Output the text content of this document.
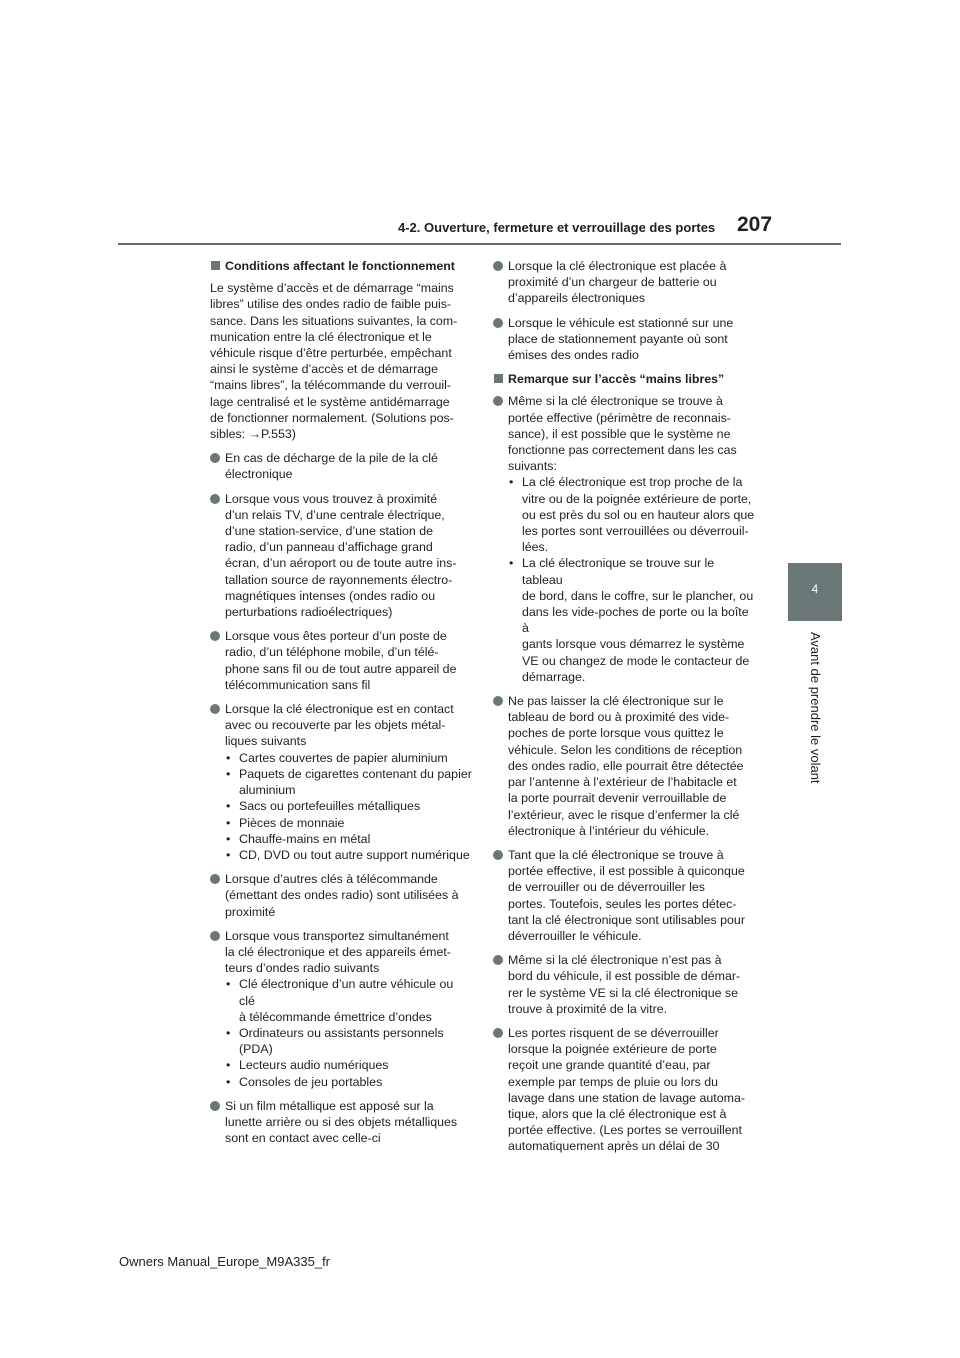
207
4-2. Ouverture, fermeture et verrouillage des portes
4
Avant de prendre le volant
Conditions affectant le fonctionnement
Le système d’accès et de démarrage “mains
libres” utilise des ondes radio de faible puis-
sance. Dans les situations suivantes, la com-
munication entre la clé électronique et le
véhicule risque d’être perturbée, empêchant
ainsi le système d’accès et de démarrage
“mains libres”, la télécommande du verrouil-
lage centralisé et le système antidémarrage
de fonctionner normalement. (Solutions pos-
sibles: →P.553)
En cas de décharge de la pile de la clé
électronique
Lorsque vous vous trouvez à proximité
d’un relais TV, d’une centrale électrique,
d’une station-service, d’une station de
radio, d’un panneau d’affichage grand
écran, d’un aéroport ou de toute autre ins-
tallation source de rayonnements électro-
magnétiques intenses (ondes radio ou
perturbations radioélectriques)
Lorsque vous êtes porteur d’un poste de
radio, d’un téléphone mobile, d’un télé-
phone sans fil ou de tout autre appareil de
télécommunication sans fil
Lorsque la clé électronique est en contact
avec ou recouverte par les objets métal-
liques suivants
• Cartes couvertes de papier aluminium
• Paquets de cigarettes contenant du papier
aluminium
• Sacs ou portefeuilles métalliques
• Pièces de monnaie
• Chauffe-mains en métal
• CD, DVD ou tout autre support numérique
Lorsque d’autres clés à télécommande
(émettant des ondes radio) sont utilisées à
proximité
Lorsque vous transportez simultanément
la clé électronique et des appareils émet-
teurs d’ondes radio suivants
• Clé électronique d’un autre véhicule ou clé
à télécommande émettrice d’ondes
• Ordinateurs ou assistants personnels
(PDA)
• Lecteurs audio numériques
• Consoles de jeu portables
Si un film métallique est apposé sur la
lunette arrière ou si des objets métalliques
sont en contact avec celle-ci
Lorsque la clé électronique est placée à
proximité d’un chargeur de batterie ou
d’appareils électroniques
Lorsque le véhicule est stationné sur une
place de stationnement payante où sont
émises des ondes radio
Remarque sur l’accès “mains libres”
Même si la clé électronique se trouve à
portée effective (périmètre de reconnais-
sance), il est possible que le système ne
fonctionne pas correctement dans les cas
suivants:
• La clé électronique est trop proche de la
vitre ou de la poignée extérieure de porte,
ou est près du sol ou en hauteur alors que
les portes sont verrouillées ou déverrouil-
lées.
• La clé électronique se trouve sur le tableau
de bord, dans le coffre, sur le plancher, ou
dans les vide-poches de porte ou la boîte à
gants lorsque vous démarrez le système
VE ou changez de mode le contacteur de
démarrage.
Ne pas laisser la clé électronique sur le
tableau de bord ou à proximité des vide-
poches de porte lorsque vous quittez le
véhicule. Selon les conditions de réception
des ondes radio, elle pourrait être détectée
par l’antenne à l’extérieur de l’habitacle et
la porte pourrait devenir verrouillable de
l’extérieur, avec le risque d’enfermer la clé
électronique à l’intérieur du véhicule.
Tant que la clé électronique se trouve à
portée effective, il est possible à quiconque
de verrouiller ou de déverrouiller les
portes. Toutefois, seules les portes détec-
tant la clé électronique sont utilisables pour
déverrouiller le véhicule.
Même si la clé électronique n’est pas à
bord du véhicule, il est possible de démar-
rer le système VE si la clé électronique se
trouve à proximité de la vitre.
Les portes risquent de se déverrouiller
lorsque la poignée extérieure de porte
reçoit une grande quantité d’eau, par
exemple par temps de pluie ou lors du
lavage dans une station de lavage automa-
tique, alors que la clé électronique est à
portée effective. (Les portes se verrouillent
automatiquement après un délai de 30
Owners Manual_Europe_M9A335_fr
